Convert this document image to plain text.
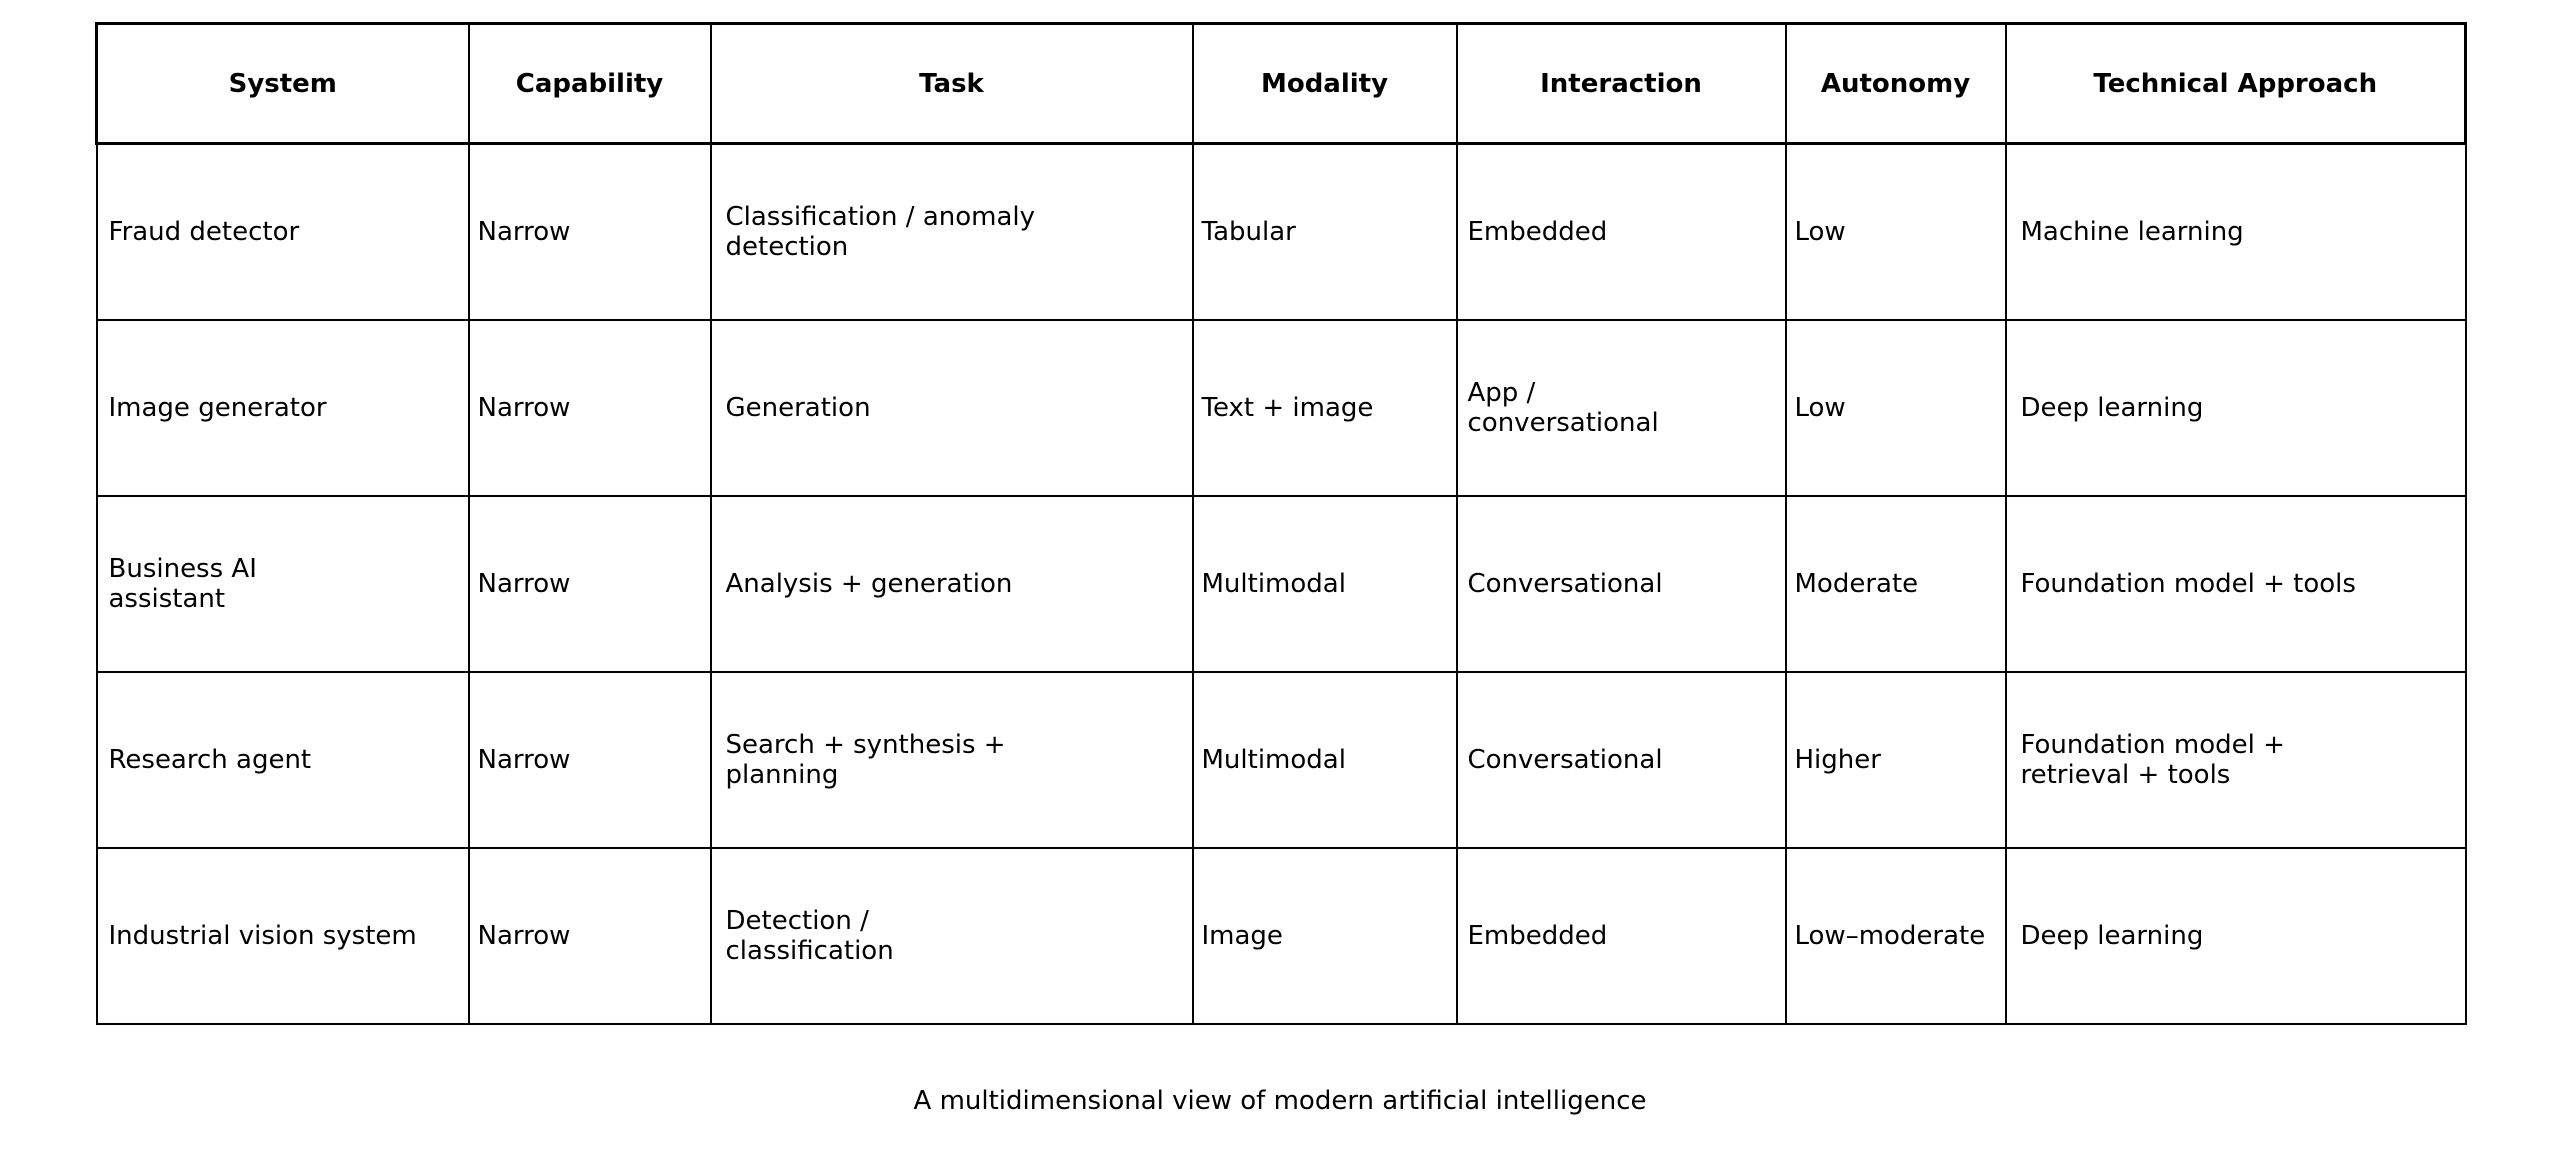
System	Capability	Task	Modality	Interaction	Autonomy	Technical Approach
Fraud detector	Narrow	Classification / anomaly detection	Tabular	Embedded	Low	Machine learning
Image generator	Narrow	Generation	Text + image	App / conversational	Low	Deep learning
Business AI assistant	Narrow	Analysis + generation	Multimodal	Conversational	Moderate	Foundation model + tools
Research agent	Narrow	Search + synthesis + planning	Multimodal	Conversational	Higher	Foundation model + retrieval + tools
Industrial vision system	Narrow	Detection / classification	Image	Embedded	Low–moderate	Deep learning
A multidimensional view of modern artificial intelligence
